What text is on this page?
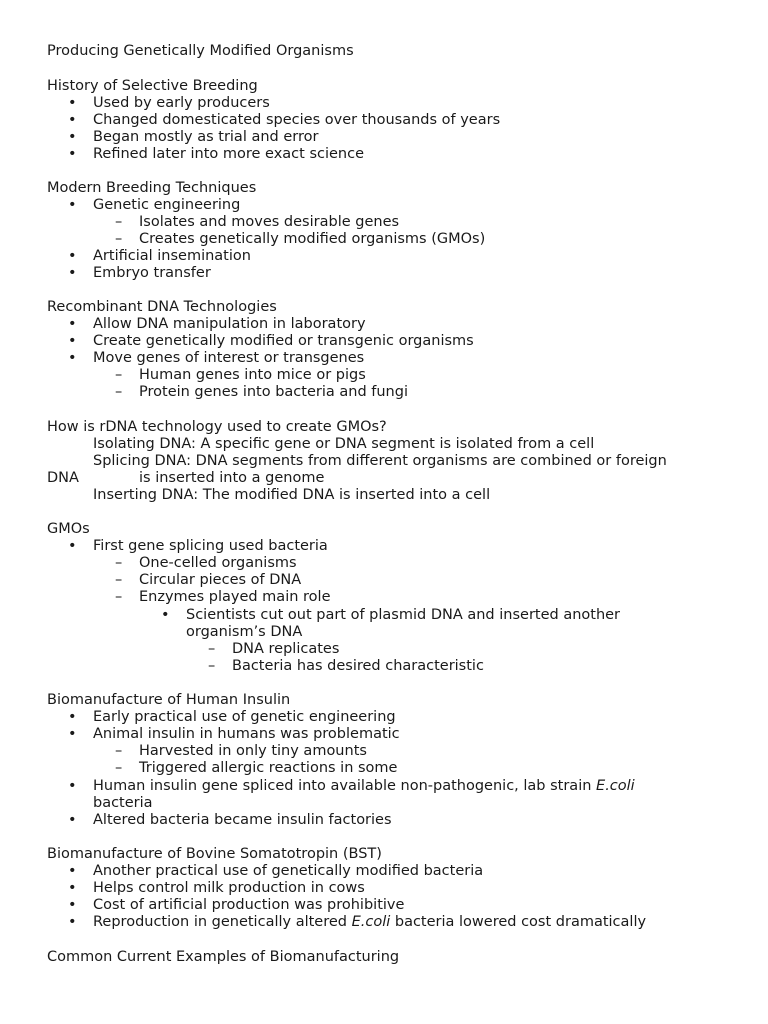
Producing Genetically Modified Organisms
History of Selective Breeding
• Used by early producers
• Changed domesticated species over thousands of years
• Began mostly as trial and error
• Refined later into more exact science
Modern Breeding Techniques
• Genetic engineering
– Isolates and moves desirable genes
– Creates genetically modified organisms (GMOs)
• Artificial insemination
• Embryo transfer
Recombinant DNA Technologies
• Allow DNA manipulation in laboratory
• Create genetically modified or transgenic organisms
• Move genes of interest or transgenes
– Human genes into mice or pigs
– Protein genes into bacteria and fungi
How is rDNA technology used to create GMOs?
Isolating DNA: A specific gene or DNA segment is isolated from a cell
Splicing DNA: DNA segments from different organisms are combined or foreign
DNA	is inserted into a genome
Inserting DNA: The modified DNA is inserted into a cell
GMOs
• First gene splicing used bacteria
– One-celled organisms
– Circular pieces of DNA
– Enzymes played main role
• Scientists cut out part of plasmid DNA and inserted another
organism’s DNA
– DNA replicates
– Bacteria has desired characteristic
Biomanufacture of Human Insulin
• Early practical use of genetic engineering
• Animal insulin in humans was problematic
– Harvested in only tiny amounts
– Triggered allergic reactions in some
• Human insulin gene spliced into available non-pathogenic, lab strain E.coli
bacteria
• Altered bacteria became insulin factories
Biomanufacture of Bovine Somatotropin (BST)
• Another practical use of genetically modified bacteria
• Helps control milk production in cows
• Cost of artificial production was prohibitive
• Reproduction in genetically altered E.coli bacteria lowered cost dramatically
Common Current Examples of Biomanufacturing
